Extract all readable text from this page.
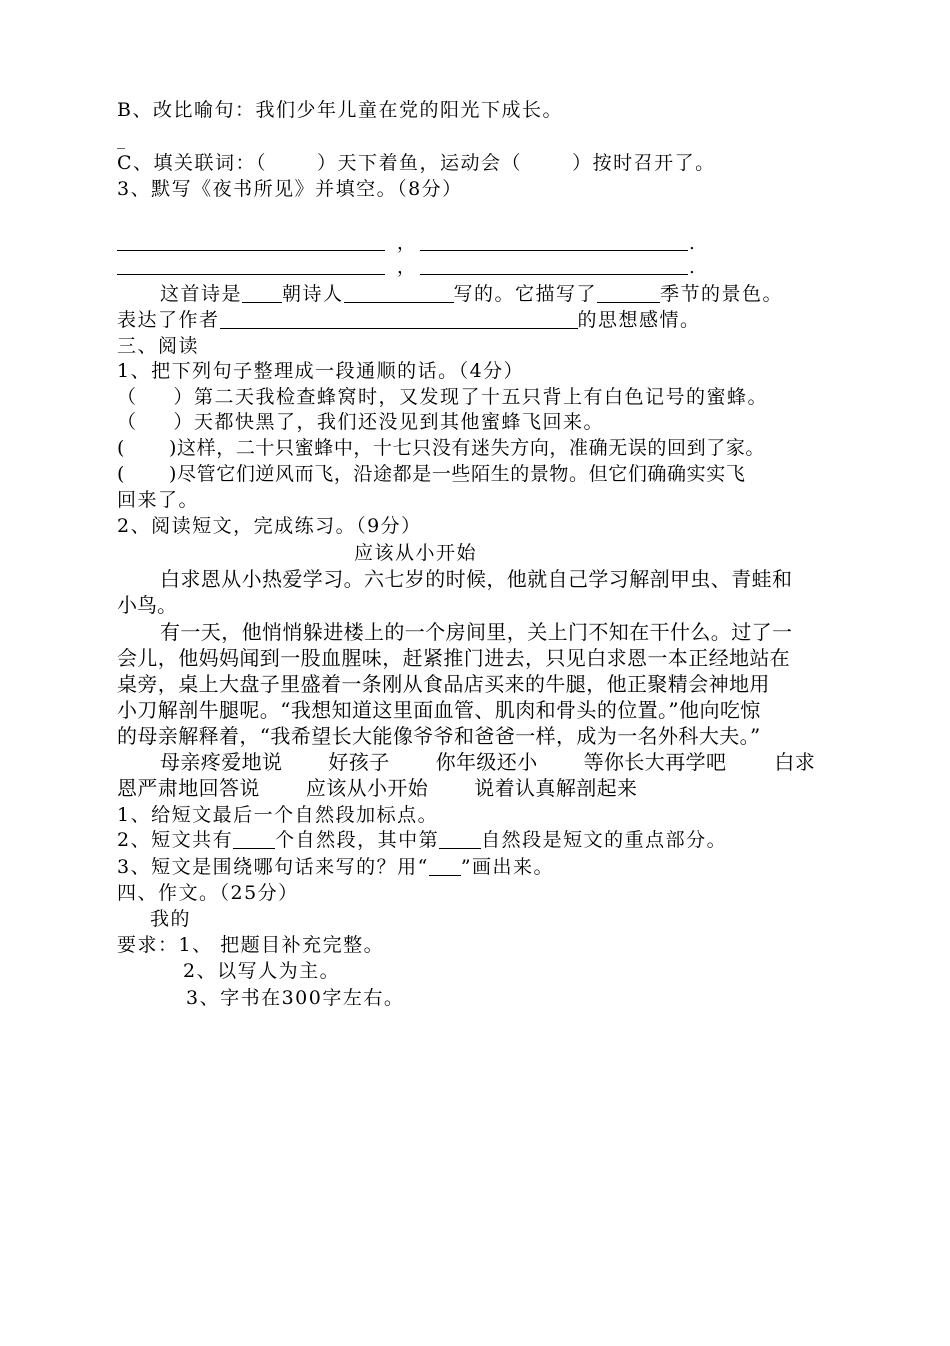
B、改比喻句：我们少年儿童在党的阳光下成长。
_
C、填关联词：（	）天下着鱼，运动会（	）按时召开了。
3、默写《夜书所见》并填空。（8分）
，	.
，	.
这首诗是 朝诗人	写的。它描写了	季节的景色。
表达了作者	的思想感情。
三、阅读
1、把下列句子整理成一段通顺的话。（4分）
（ ）第二天我检查蜂窝时，又发现了十五只背上有白色记号的蜜蜂。
（ ）天都快黑了，我们还没见到其他蜜蜂飞回来。
( )这样，二十只蜜蜂中，十七只没有迷失方向，准确无误的回到了家。
( )尽管它们逆风而飞，沿途都是一些陌生的景物。但它们确确实实飞
回来了。
2、阅读短文，完成练习。（9分）
应该从小开始
白求恩从小热爱学习。六七岁的时候，他就自己学习解剖甲虫、青蛙和
小鸟。
有一天，他悄悄躲进楼上的一个房间里，关上门不知在干什么。过了一
会儿，他妈妈闻到一股血腥味，赶紧推门进去，只见白求恩一本正经地站在
桌旁，桌上大盘子里盛着一条刚从食品店买来的牛腿，他正聚精会神地用
小刀解剖牛腿呢。“我想知道这里面血管、肌肉和骨头的位置。”他向吃惊
的母亲解释着，“我希望长大能像爷爷和爸爸一样，成为一名外科大夫。”
母亲疼爱地说 好孩子 你年级还小 等你长大再学吧 白求
恩严肃地回答说 应该从小开始 说着认真解剖起来
1、给短文最后一个自然段加标点。
2、短文共有 个自然段，其中第 自然段是短文的重点部分。
3、短文是围绕哪句话来写的？用“ ”画出来。
四、作文。（25分）
我的
要求：1、 把题目补充完整。
2、以写人为主。
3、字书在300字左右。
